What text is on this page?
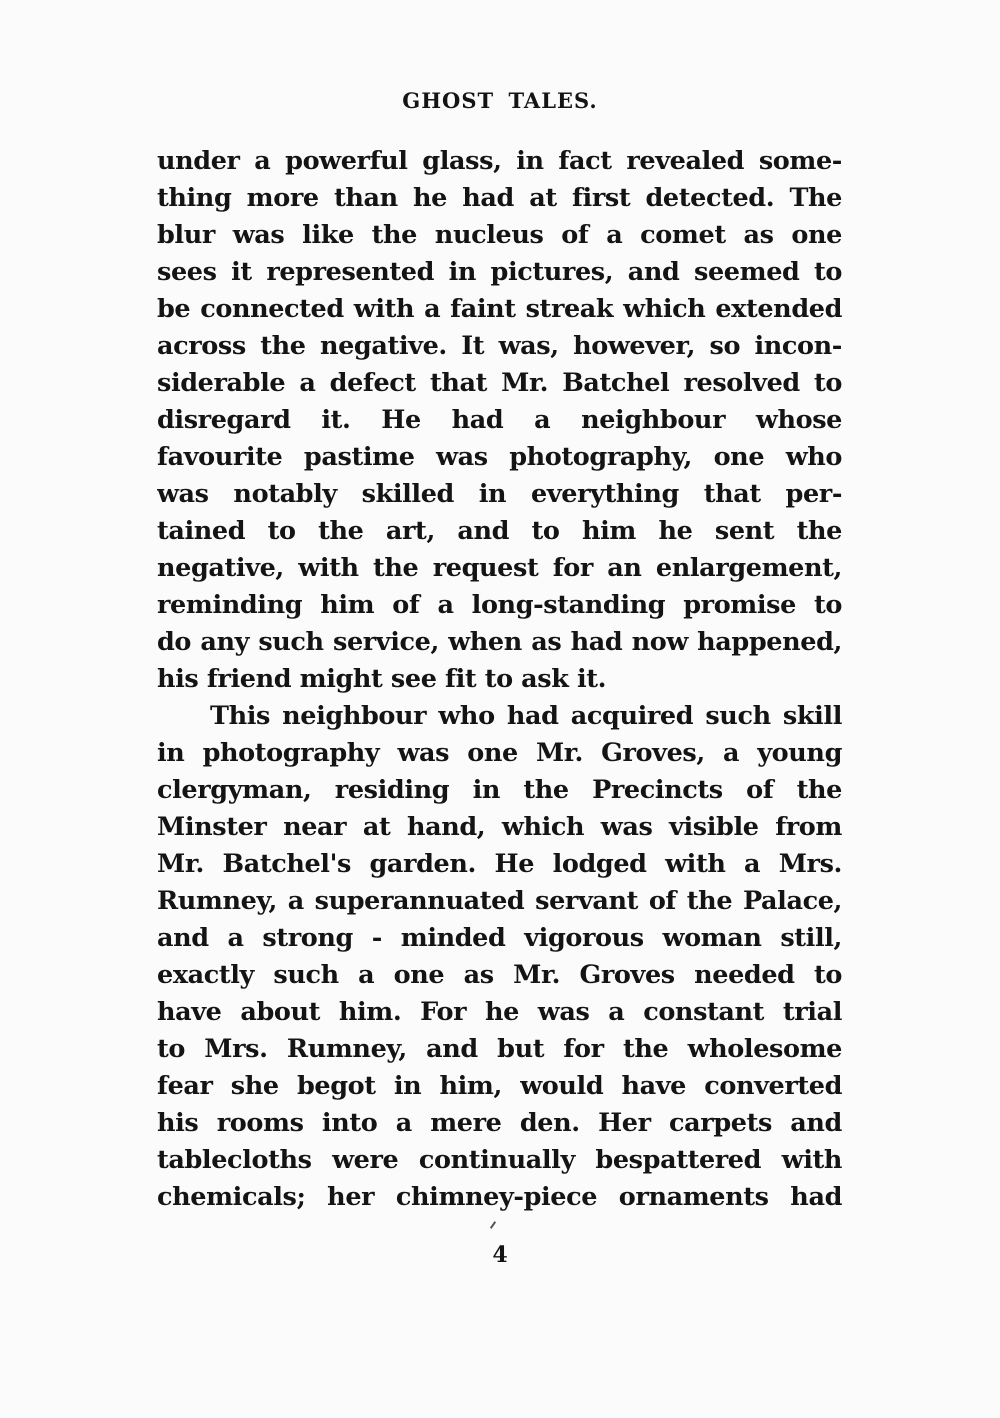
GHOST TALES.
under a powerful glass, in fact revealed some-
thing more than he had at first detected. The
blur was like the nucleus of a comet as one
sees it represented in pictures, and seemed to
be connected with a faint streak which extended
across the negative. It was, however, so incon-
siderable a defect that Mr. Batchel resolved to
disregard it. He had a neighbour whose
favourite pastime was photography, one who
was notably skilled in everything that per-
tained to the art, and to him he sent the
negative, with the request for an enlargement,
reminding him of a long-standing promise to
do any such service, when as had now happened,
his friend might see fit to ask it.
This neighbour who had acquired such skill
in photography was one Mr. Groves, a young
clergyman, residing in the Precincts of the
Minster near at hand, which was visible from
Mr. Batchel's garden. He lodged with a Mrs.
Rumney, a superannuated servant of the Palace,
and a strong - minded vigorous woman still,
exactly such a one as Mr. Groves needed to
have about him. For he was a constant trial
to Mrs. Rumney, and but for the wholesome
fear she begot in him, would have converted
his rooms into a mere den. Her carpets and
tablecloths were continually bespattered with
chemicals; her chimney-piece ornaments had
4
